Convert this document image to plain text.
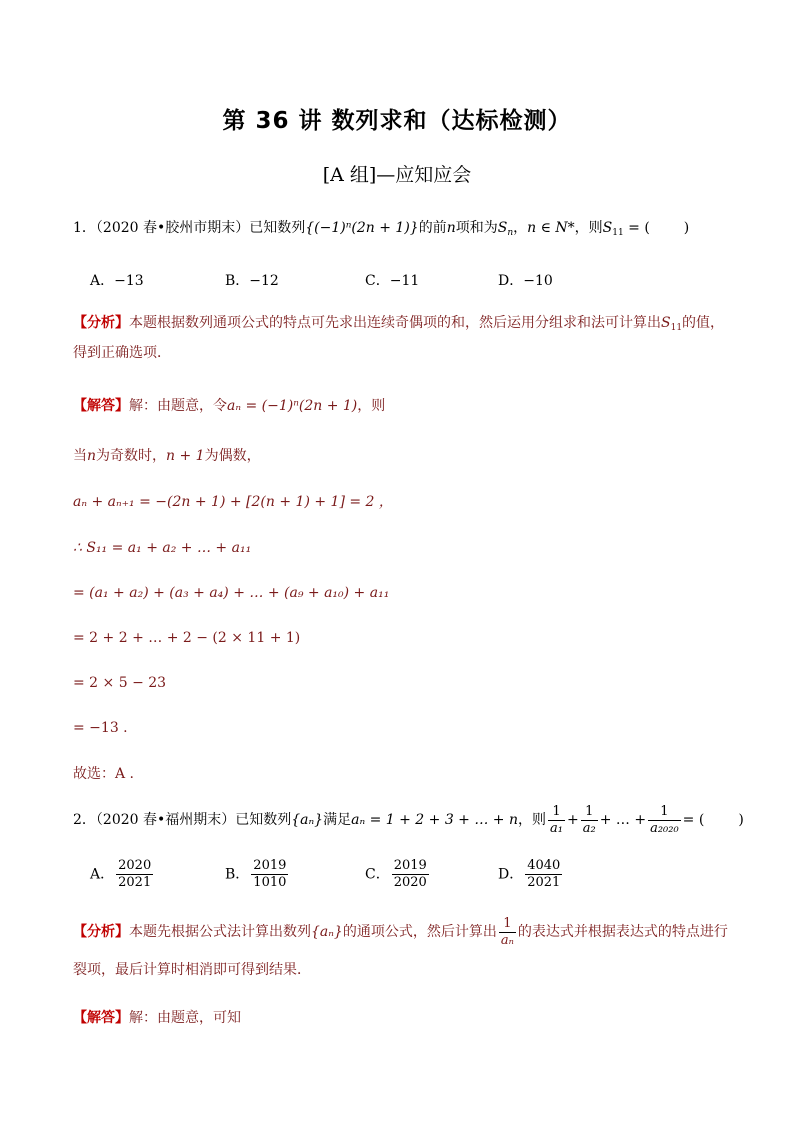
第 36 讲 数列求和（达标检测）
[A 组]—应知应会
1．（2020 春•胶州市期末）已知数列{(−1)ⁿ(2n + 1)}的前n项和为$S_n$，n ∈ N*，则$S_{11}$ = ( )
A．−13	B．−12	C．−11	D．−10
【分析】本题根据数列通项公式的特点可先求出连续奇偶项的和，然后运用分组求和法可计算出$S_{11}$的值，
得到正确选项．
【解答】解：由题意，令aₙ = (−1)ⁿ(2n + 1)，则
当n为奇数时，n + 1为偶数，
aₙ + aₙ₊₁ = −(2n + 1) + [2(n + 1) + 1] = 2 ，
∴ S₁₁ = a₁ + a₂ + … + a₁₁
= (a₁ + a₂) + (a₃ + a₄) + … + (a₉ + a₁₀) + a₁₁
= 2 + 2 + … + 2 − (2 × 11 + 1)
= 2 × 5 − 23
= −13 .
故选：A .
2．（2020 春•福州期末）已知数列{aₙ}满足aₙ = 1 + 2 + 3 + … + n，则 $\frac{1}{\text{a₁}} + \frac{1}{\text{a₂}}$ + … + $\frac{1}{\text{a₂₀₂₀}}$ = ( )
A． $\frac{2020}{2021}$	B． $\frac{2019}{1010}$	C． $\frac{2019}{2020}$	D． $\frac{4040}{2021}$
【分析】本题先根据公式法计算出数列{aₙ}的通项公式，然后计算出 $\frac{1}{\text{aₙ}}$ 的表达式并根据表达式的特点进行
裂项，最后计算时相消即可得到结果．
【解答】解：由题意，可知
